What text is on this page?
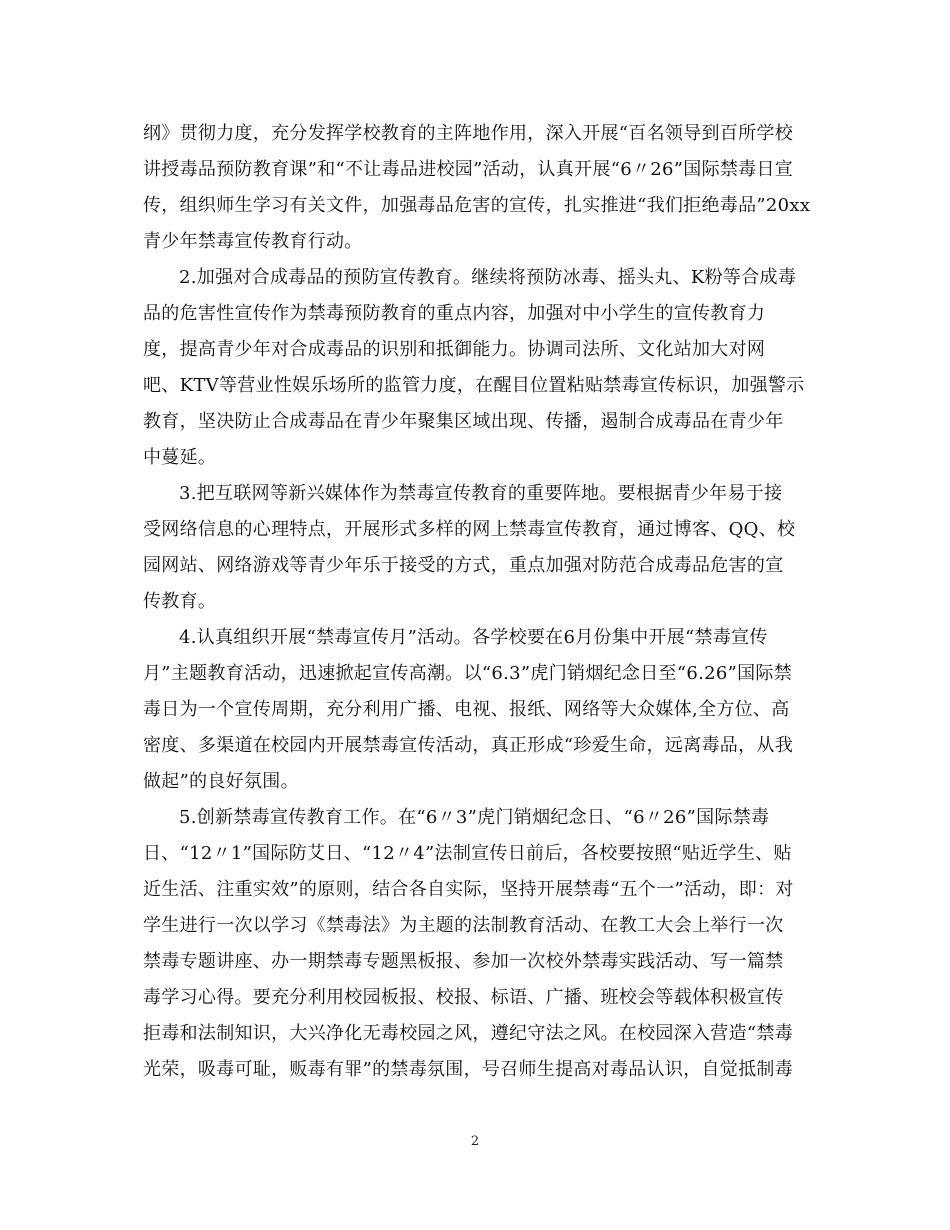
纲》贯彻力度，充分发挥学校教育的主阵地作用，深入开展“百名领导到百所学校
讲授毒品预防教育课”和“不让毒品进校园”活动，认真开展“6〃26”国际禁毒日宣
传，组织师生学习有关文件，加强毒品危害的宣传，扎实推进“我们拒绝毒品”20xx
青少年禁毒宣传教育行动。
2.加强对合成毒品的预防宣传教育。继续将预防冰毒、摇头丸、K粉等合成毒
品的危害性宣传作为禁毒预防教育的重点内容，加强对中小学生的宣传教育力
度，提高青少年对合成毒品的识别和抵御能力。协调司法所、文化站加大对网
吧、KTV等营业性娱乐场所的监管力度，在醒目位置粘贴禁毒宣传标识，加强警示
教育，坚决防止合成毒品在青少年聚集区域出现、传播，遏制合成毒品在青少年
中蔓延。
3.把互联网等新兴媒体作为禁毒宣传教育的重要阵地。要根据青少年易于接
受网络信息的心理特点，开展形式多样的网上禁毒宣传教育，通过博客、QQ、校
园网站、网络游戏等青少年乐于接受的方式，重点加强对防范合成毒品危害的宣
传教育。
4.认真组织开展“禁毒宣传月”活动。各学校要在6月份集中开展“禁毒宣传
月”主题教育活动，迅速掀起宣传高潮。以“6.3”虎门销烟纪念日至“6.26”国际禁
毒日为一个宣传周期，充分利用广播、电视、报纸、网络等大众媒体,全方位、高
密度、多渠道在校园内开展禁毒宣传活动，真正形成“珍爱生命，远离毒品，从我
做起”的良好氛围。
5.创新禁毒宣传教育工作。在“6〃3”虎门销烟纪念日、“6〃26”国际禁毒
日、“12〃1”国际防艾日、“12〃4”法制宣传日前后，各校要按照“贴近学生、贴
近生活、注重实效”的原则，结合各自实际，坚持开展禁毒“五个一”活动，即：对
学生进行一次以学习《禁毒法》为主题的法制教育活动、在教工大会上举行一次
禁毒专题讲座、办一期禁毒专题黑板报、参加一次校外禁毒实践活动、写一篇禁
毒学习心得。要充分利用校园板报、校报、标语、广播、班校会等载体积极宣传
拒毒和法制知识，大兴净化无毒校园之风，遵纪守法之风。在校园深入营造“禁毒
光荣，吸毒可耻，贩毒有罪”的禁毒氛围，号召师生提高对毒品认识，自觉抵制毒
2
